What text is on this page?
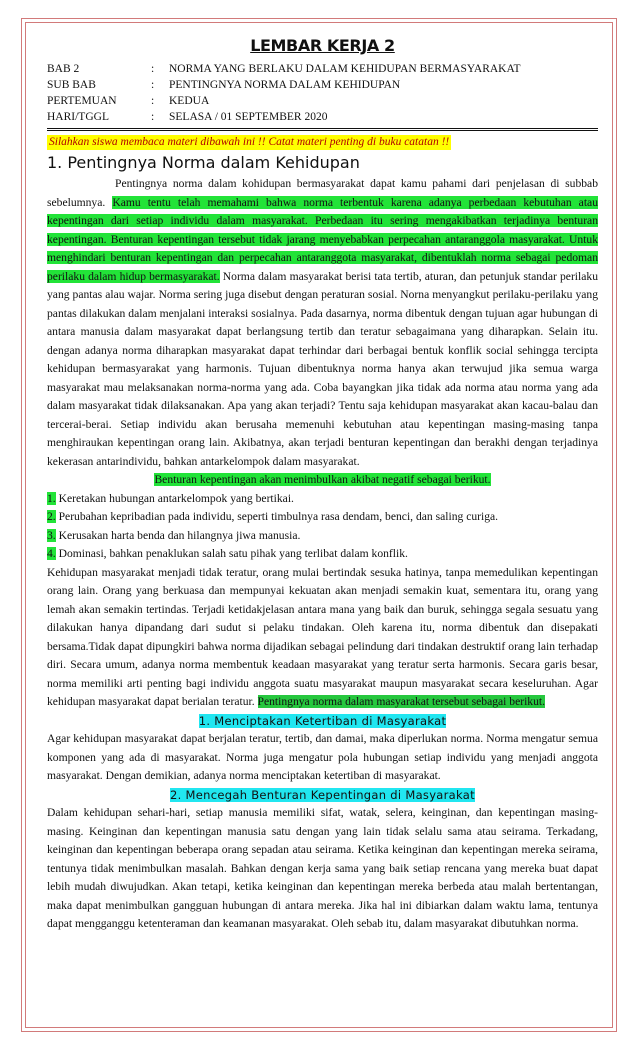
LEMBAR KERJA 2
BAB 2	:	NORMA YANG BERLAKU DALAM KEHIDUPAN BERMASYARAKAT
SUB BAB	:	PENTINGNYA NORMA DALAM KEHIDUPAN
PERTEMUAN	:	KEDUA
HARI/TGGL	:	SELASA / 01 SEPTEMBER 2020
Silahkan siswa membaca materi dibawah ini !! Catat materi penting di buku catatan !!
1. Pentingnya Norma dalam Kehidupan

Pentingnya norma dalam kohidupan bermasyarakat dapat kamu pahami dari penjelasan di subbab sebelumnya. Kamu tentu telah memahami bahwa norma terbentuk karena adanya perbedaan kebutuhan atau kepentingan dari setiap individu dalam masyarakat. Perbedaan itu sering mengakibatkan terjadinya benturan kepentingan. Benturan kepentingan tersebut tidak jarang menyebabkan perpecahan antaranggola masyarakat. Untuk menghindari benturan kepentingan dan perpecahan antaranggota masyarakat, dibentuklah norma sebagai pedoman perilaku dalam hidup bermasyarakat. Norma dalam masyarakat berisi tata tertib, aturan, dan petunjuk standar perilaku yang pantas alau wajar. Norma sering juga disebut dengan peraturan sosial. Norna menyangkut perilaku-perilaku yang pantas dilakukan dalam menjalani interaksi sosialnya. Pada dasarnya, norma dibentuk dengan tujuan agar hubungan di antara manusia dalam masyarakat dapat berlangsung tertib dan teratur sebagaimana yang diharapkan. Selain itu. dengan adanya norma diharapkan masyarakat dapat terhindar dari berbagai bentuk konflik social sehingga tercipta kehidupan bermasyarakat yang harmonis. Tujuan dibentuknya norma hanya akan terwujud jika semua warga masyarakat mau melaksanakan norma-norma yang ada. Coba bayangkan jika tidak ada norma atau norma yang ada dalam masyarakat tidak dilaksanakan. Apa yang akan terjadi? Tentu saja kehidupan masyarakat akan kacau-balau dan tercerai-berai. Setiap individu akan berusaha memenuhi kebutuhan atau kepentingan masing-masing tanpa menghiraukan kepentingan orang lain. Akibatnya, akan terjadi benturan kepentingan dan berakhi dengan terjadinya kekerasan antarindividu, bahkan antarkelompok dalam masyarakat.

Benturan kepentingan akan menimbulkan akibat negatif sebagai berikut.
1. Keretakan hubungan antarkelompok yang bertikai.
2. Perubahan kepribadian pada individu, seperti timbulnya rasa dendam, benci, dan saling curiga.
3. Kerusakan harta benda dan hilangnya jiwa manusia.
4. Dominasi, bahkan penaklukan salah satu pihak yang terlibat dalam konflik.

Kehidupan masyarakat menjadi tidak teratur, orang mulai bertindak sesuka hatinya, tanpa memedulikan kepentingan orang lain. Orang yang berkuasa dan mempunyai kekuatan akan menjadi semakin kuat, sementara itu, orang yang lemah akan semakin tertindas. Terjadi ketidakjelasan antara mana yang baik dan buruk, sehingga segala sesuatu yang dilakukan hanya dipandang dari sudut si pelaku tindakan. Oleh karena itu, norma dibentuk dan disepakati bersama.Tidak dapat dipungkiri bahwa norma dijadikan sebagai pelindung dari tindakan destruktif orang lain terhadap diri. Secara umum, adanya norma membentuk keadaan masyarakat yang teratur serta harmonis. Secara garis besar, norma memiliki arti penting bagi individu anggota suatu masyarakat maupun masyarakat secara keseluruhan. Agar kehidupan masyarakat dapat berialan teratur. Pentingnya norma dalam masyarakat tersebut sebagai berikut.

1. Menciptakan Ketertiban di Masyarakat

Agar kehidupan masyarakat dapat berjalan teratur, tertib, dan damai, maka diperlukan norma. Norma mengatur semua komponen yang ada di masyarakat. Norma juga mengatur pola hubungan setiap individu yang menjadi anggota masyarakat. Dengan demikian, adanya norma menciptakan ketertiban di masyarakat.

2. Mencegah Benturan Kepentingan di Masyarakat

Dalam kehidupan sehari-hari, setiap manusia memiliki sifat, watak, selera, keinginan, dan kepentingan masing-masing. Keinginan dan kepentingan manusia satu dengan yang lain tidak selalu sama atau seirama. Terkadang, keinginan dan kepentingan beberapa orang sepadan atau seirama. Ketika keinginan dan kepentingan mereka seirama, tentunya tidak menimbulkan masalah. Bahkan dengan kerja sama yang baik setiap rencana yang mereka buat dapat lebih mudah diwujudkan. Akan tetapi, ketika keinginan dan kepentingan mereka berbeda atau malah bertentangan, maka dapat menimbulkan gangguan hubungan di antara mereka. Jika hal ini dibiarkan dalam waktu lama, tentunya dapat mengganggu ketenteraman dan keamanan masyarakat. Oleh sebab itu, dalam masyarakat dibutuhkan norma.
